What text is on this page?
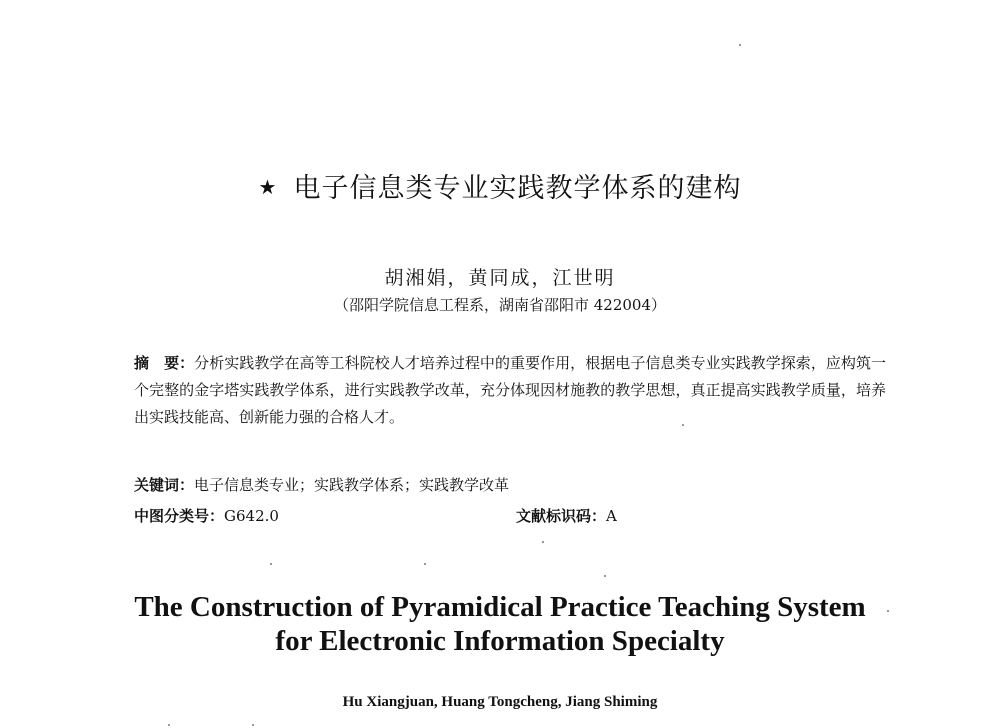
★ 电子信息类专业实践教学体系的建构
胡湘娟，黄同成，江世明
（邵阳学院信息工程系，湖南省邵阳市 422004）
摘　要：分析实践教学在高等工科院校人才培养过程中的重要作用，根据电子信息类专业实践教学探索，应构筑一个完整的金字塔实践教学体系，进行实践教学改革，充分体现因材施教的教学思想，真正提高实践教学质量，培养出实践技能高、创新能力强的合格人才。
关键词：电子信息类专业；实践教学体系；实践教学改革
中图分类号：G642.0	文献标识码：A
The Construction of Pyramidical Practice Teaching System
for Electronic Information Specialty
Hu Xiangjuan, Huang Tongcheng, Jiang Shiming
